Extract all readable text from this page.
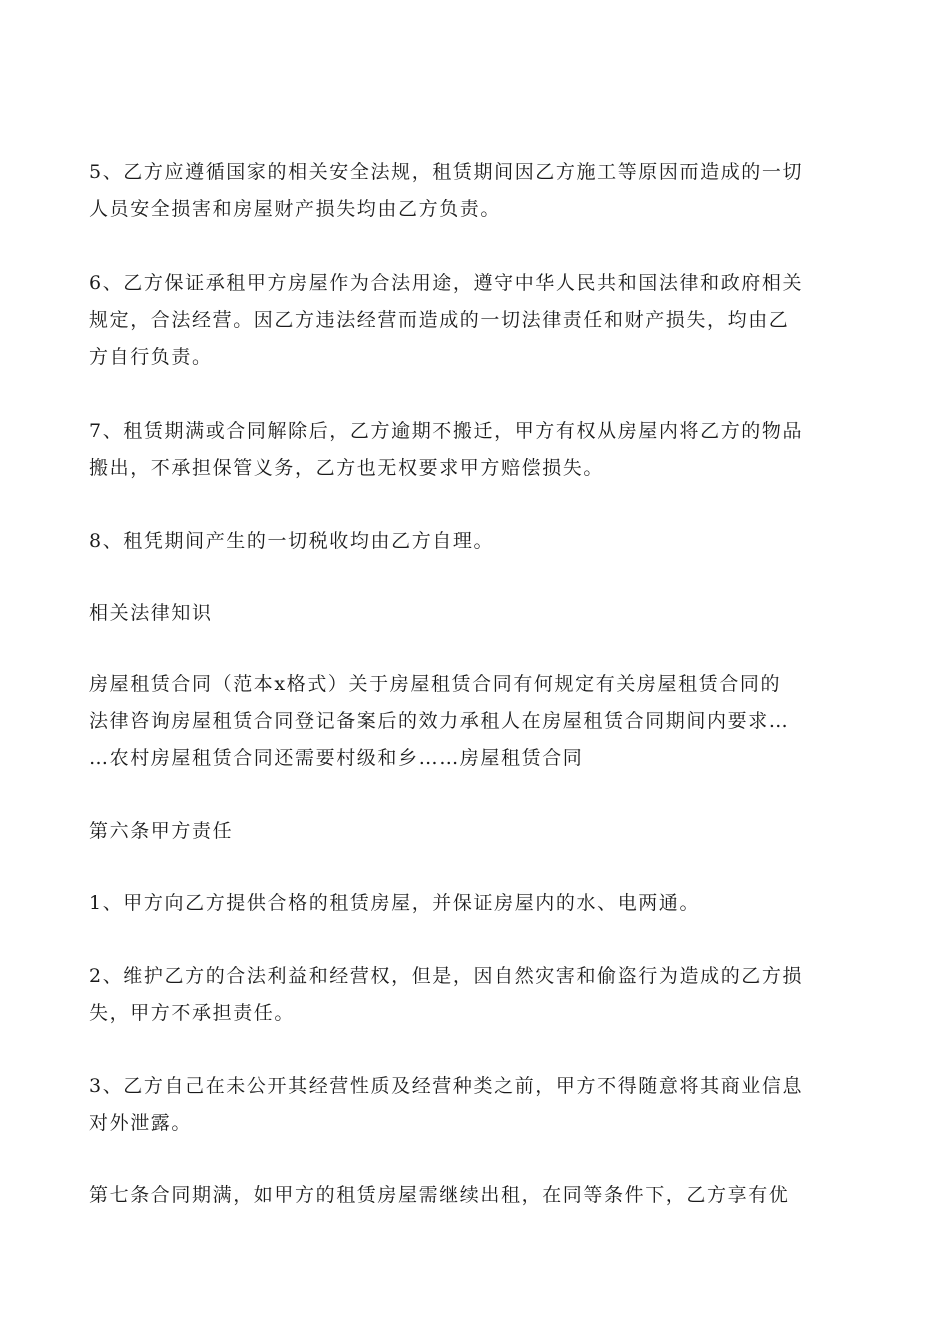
5、乙方应遵循国家的相关安全法规，租赁期间因乙方施工等原因而造成的一切
人员安全损害和房屋财产损失均由乙方负责。
6、乙方保证承租甲方房屋作为合法用途，遵守中华人民共和国法律和政府相关
规定，合法经营。因乙方违法经营而造成的一切法律责任和财产损失，均由乙
方自行负责。
7、租赁期满或合同解除后，乙方逾期不搬迁，甲方有权从房屋内将乙方的物品
搬出，不承担保管义务，乙方也无权要求甲方赔偿损失。
8、租凭期间产生的一切税收均由乙方自理。
相关法律知识
房屋租赁合同（范本x格式）关于房屋租赁合同有何规定有关房屋租赁合同的
法律咨询房屋租赁合同登记备案后的效力承租人在房屋租赁合同期间内要求…
…农村房屋租赁合同还需要村级和乡……房屋租赁合同
第六条甲方责任
1、甲方向乙方提供合格的租赁房屋，并保证房屋内的水、电两通。
2、维护乙方的合法利益和经营权，但是，因自然灾害和偷盗行为造成的乙方损
失，甲方不承担责任。
3、乙方自己在未公开其经营性质及经营种类之前，甲方不得随意将其商业信息
对外泄露。
第七条合同期满，如甲方的租赁房屋需继续出租，在同等条件下，乙方享有优
